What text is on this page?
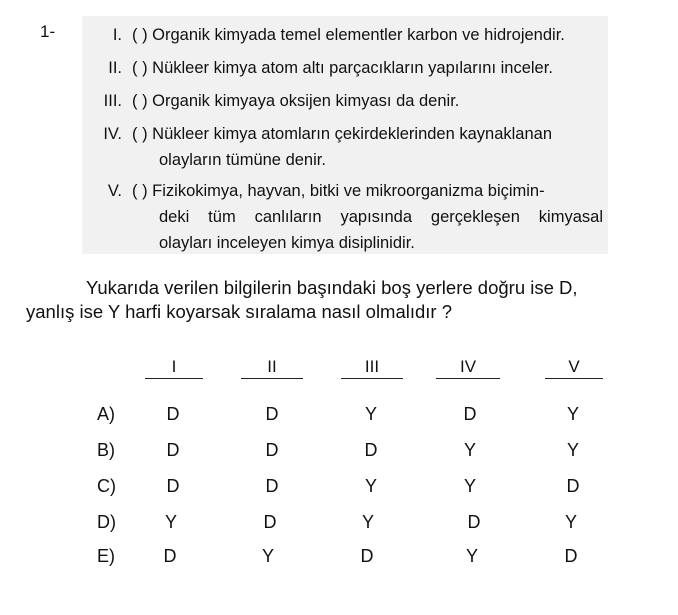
1-	I. ( ) Organik kimyada temel elementler karbon ve hidrojendir.
II. ( ) Nükleer kimya atom altı parçacıkların yapılarını inceler.
III. ( ) Organik kimyaya oksijen kimyası da denir.
IV. ( ) Nükleer kimya atomların çekirdeklerinden kaynaklanan
olayların tümüne denir.
V. ( ) Fizikokimya, hayvan, bitki ve mikroorganizma biçimin-
deki tüm canlıların yapısında gerçekleşen kimyasal
olayları inceleyen kimya disiplinidir.
Yukarıda verilen bilgilerin başındaki boş yerlere doğru ise D,
yanlış ise Y harfi koyarsak sıralama nasıl olmalıdır ?
I	II	III	IV	V
A)	D	D	Y	D	Y
B)	D	D	D	Y	Y
C)	D	D	Y	Y	D
D)	Y	D	Y	D	Y
E)	D	Y	D	Y	D
